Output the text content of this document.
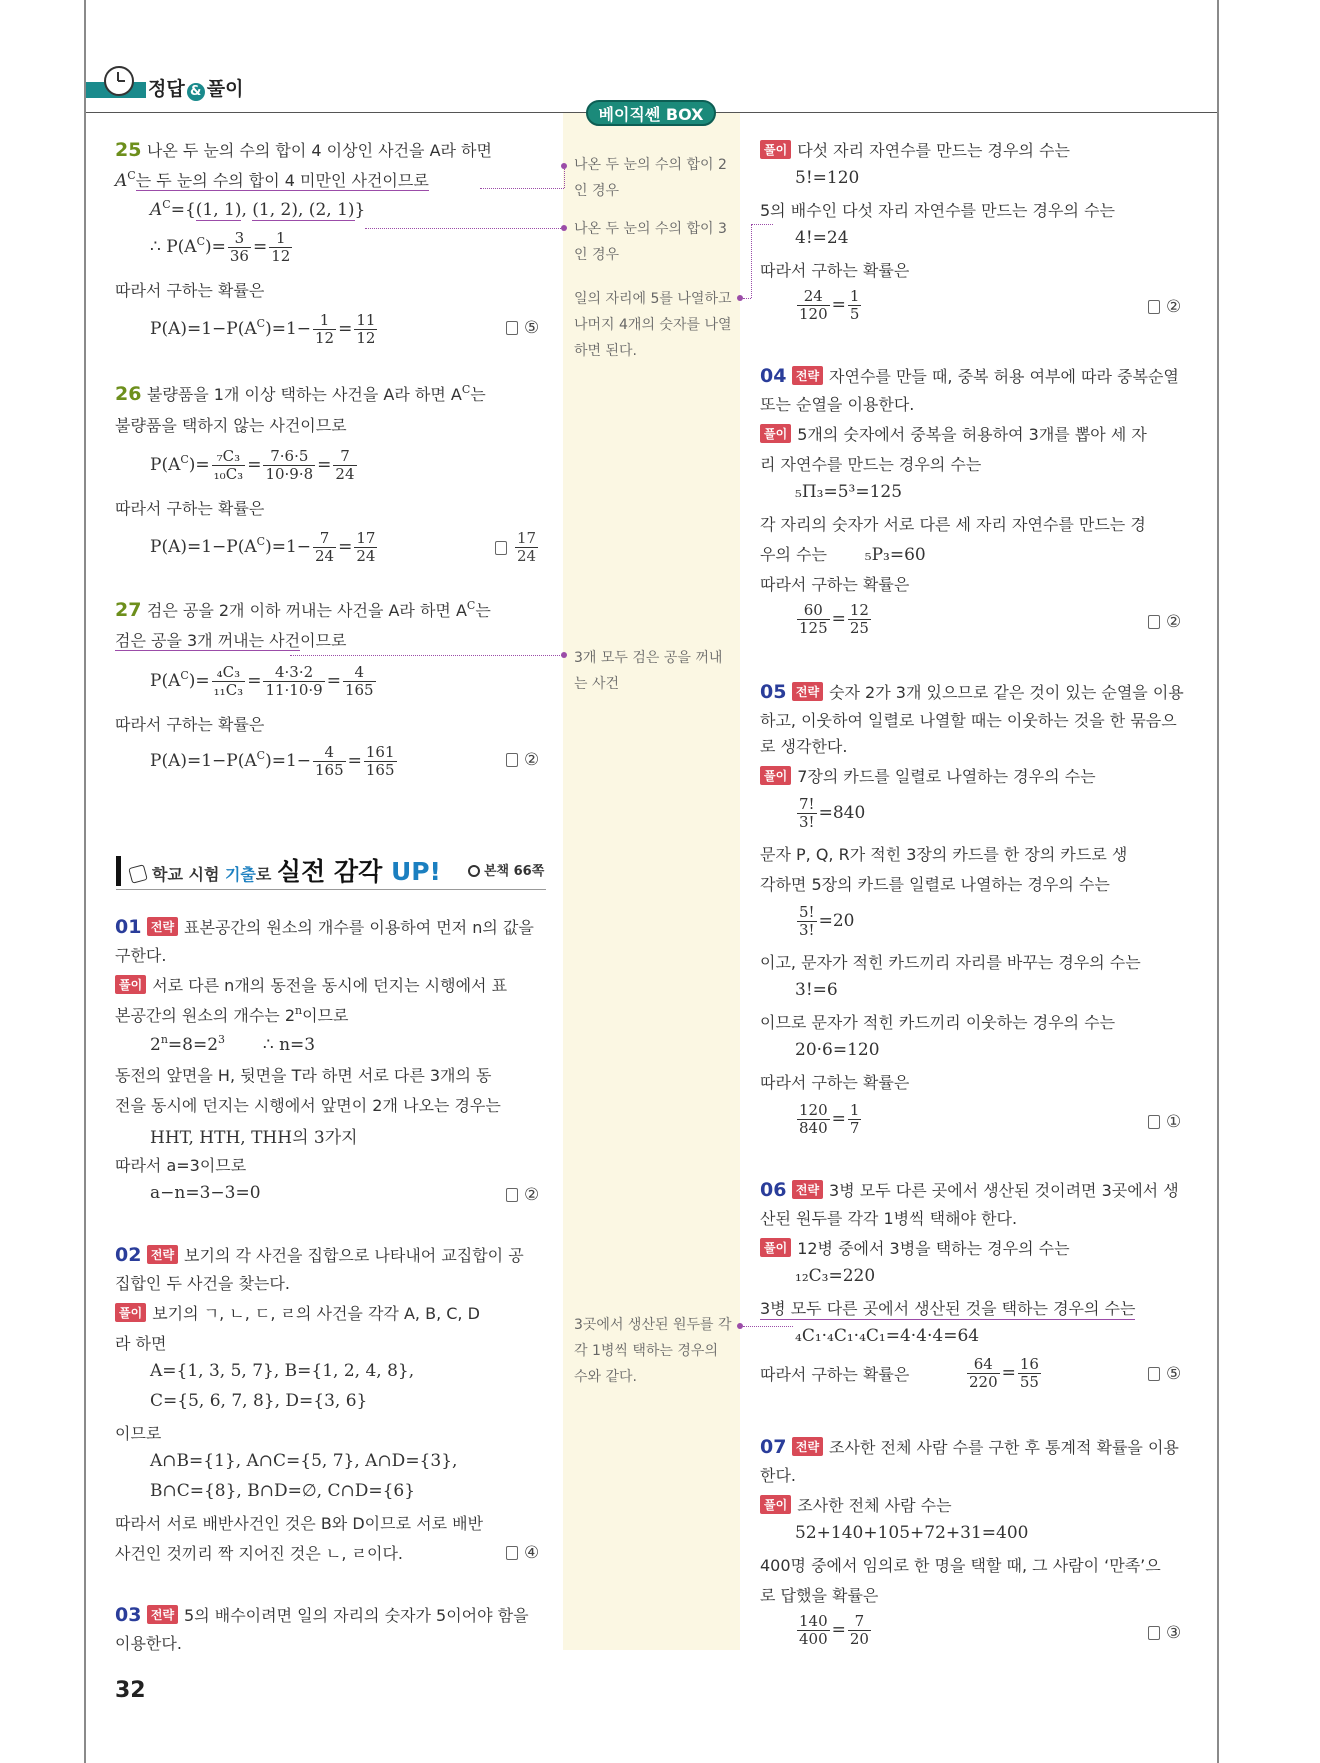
정답 & 풀이
베이직쎈 BOX
나온 두 눈의 수의 합이 2인 경우
나온 두 눈의 수의 합이 3인 경우
일의 자리에 5를 나열하고 나머지 4개의 숫자를 나열하면 된다.
3개 모두 검은 공을 꺼내는 사건
3곳에서 생산된 원두를 각각 1병씩 택하는 경우의 수와 같다.
25 나온 두 눈의 수의 합이 4 이상인 사건을 A라 하면
$A^C$는 두 눈의 수의 합이 4 미만인 사건이므로
$A^C=\{(1$, 1), (1, 2), (2, 1)}
∴ $P(A^C)= \frac{3}{36} = \frac{1}{12}$
따라서 구하는 확률은
$P(A)=1-P(A^C)=1- \frac{1}{12} = \frac{11}{12}$	⑤
26 불량품을 1개 이상 택하는 사건을 A라 하면 $A^C$는
불량품을 택하지 않는 사건이므로
$P(A^C)= \frac{\text{₇C₃}}{\text{₁₀C₃}} = \frac{7\cdot 6\cdot 5}{10\cdot 9\cdot 8} = \frac{7}{24}$
따라서 구하는 확률은
$P(A)=1-P(A^C)=1- \frac{7}{24} = \frac{17}{24}$	$\frac{17}{24}$
27 검은 공을 2개 이하 꺼내는 사건을 A라 하면 $A^C$는
검은 공을 3개 꺼내는 사건이므로
$P(A^C)= \frac{\text{₄C₃}}{\text{₁₁C₃}} = \frac{4\cdot 3\cdot 2}{11\cdot 10\cdot 9} = \frac{4}{165}$
따라서 구하는 확률은
$P(A)=1-P(A^C)=1- \frac{4}{165} = \frac{161}{165}$	②
학교 시험 기출로 실전 감각 UP!	본책 66쪽
01 전략 표본공간의 원소의 개수를 이용하여 먼저 n의 값을
구한다.
풀이 서로 다른 n개의 동전을 동시에 던지는 시행에서 표
본공간의 원소의 개수는 2$^n$이므로
$2^n=8=2^3$ ∴ n=3
동전의 앞면을 H, 뒷면을 T라 하면 서로 다른 3개의 동
전을 동시에 던지는 시행에서 앞면이 2개 나오는 경우는
HHT, HTH, THH의 3가지
따라서 a=3이므로
a−n=3−3=0	②
02 전략 보기의 각 사건을 집합으로 나타내어 교집합이 공
집합인 두 사건을 찾는다.
풀이 보기의 ㄱ, ㄴ, ㄷ, ㄹ의 사건을 각각 A, B, C, D
라 하면
A={1, 3, 5, 7}, B={1, 2, 4, 8},
C={5, 6, 7, 8}, D={3, 6}
이므로
A∩B={1}, A∩C={5, 7}, A∩D={3},
B∩C={8}, B∩D=∅, C∩D={6}
따라서 서로 배반사건인 것은 B와 D이므로 서로 배반
사건인 것끼리 짝 지어진 것은 ㄴ, ㄹ이다.	④
03 전략 5의 배수이려면 일의 자리의 숫자가 5이어야 함을
이용한다.
32
풀이 다섯 자리 자연수를 만드는 경우의 수는
5!=120
5의 배수인 다섯 자리 자연수를 만드는 경우의 수는
4!=24
따라서 구하는 확률은
$\frac{24}{120} = \frac{1}{5}$	②
04 전략 자연수를 만들 때, 중복 허용 여부에 따라 중복순열
또는 순열을 이용한다.
풀이 5개의 숫자에서 중복을 허용하여 3개를 뽑아 세 자
리 자연수를 만드는 경우의 수는
₅Π₃=5³=125
각 자리의 숫자가 서로 다른 세 자리 자연수를 만드는 경
우의 수는 ₅P₃=60
따라서 구하는 확률은
$\frac{60}{125} = \frac{12}{25}$	②
05 전략 숫자 2가 3개 있으므로 같은 것이 있는 순열을 이용
하고, 이웃하여 일렬로 나열할 때는 이웃하는 것을 한 묶음으
로 생각한다.
풀이 7장의 카드를 일렬로 나열하는 경우의 수는
$\frac{7!}{3!} =840$
문자 P, Q, R가 적힌 3장의 카드를 한 장의 카드로 생
각하면 5장의 카드를 일렬로 나열하는 경우의 수는
$\frac{5!}{3!} =20$
이고, 문자가 적힌 카드끼리 자리를 바꾸는 경우의 수는
3!=6
이므로 문자가 적힌 카드끼리 이웃하는 경우의 수는
20·6=120
따라서 구하는 확률은
$\frac{120}{840} = \frac{1}{7}$	①
06 전략 3병 모두 다른 곳에서 생산된 것이려면 3곳에서 생
산된 원두를 각각 1병씩 택해야 한다.
풀이 12병 중에서 3병을 택하는 경우의 수는
₁₂C₃=220
3병 모두 다른 곳에서 생산된 것을 택하는 경우의 수는
₄C₁·₄C₁·₄C₁=4·4·4=64
따라서 구하는 확률은	$\frac{64}{220} = \frac{16}{55}$	⑤
07 전략 조사한 전체 사람 수를 구한 후 통계적 확률을 이용
한다.
풀이 조사한 전체 사람 수는
52+140+105+72+31=400
400명 중에서 임의로 한 명을 택할 때, 그 사람이 ‘만족’으
로 답했을 확률은
$\frac{140}{400} = \frac{7}{20}$	③
